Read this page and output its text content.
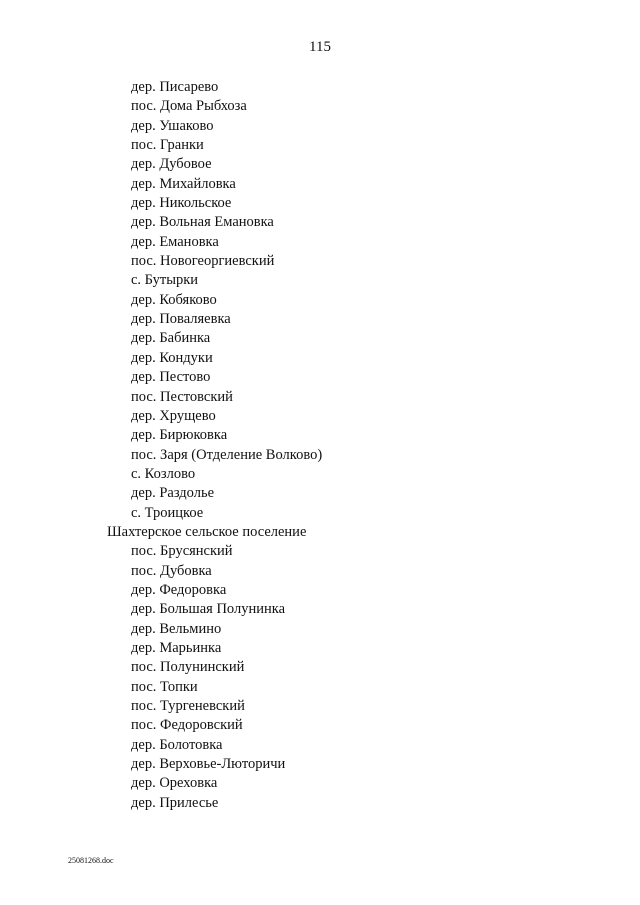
115
дер. Писарево
пос. Дома Рыбхоза
дер. Ушаково
пос. Гранки
дер. Дубовое
дер. Михайловка
дер. Никольское
дер. Вольная Емановка
дер. Емановка
пос. Новогеоргиевский
с. Бутырки
дер. Кобяково
дер. Поваляевка
дер. Бабинка
дер. Кондуки
дер. Пестово
пос. Пестовский
дер. Хрущево
дер. Бирюковка
пос. Заря (Отделение Волково)
с. Козлово
дер. Раздолье
с. Троицкое
Шахтерское сельское поселение
пос. Брусянский
пос. Дубовка
дер. Федоровка
дер. Большая Полунинка
дер. Вельмино
дер. Марьинка
пос. Полунинский
пос. Топки
пос. Тургеневский
пос. Федоровский
дер. Болотовка
дер. Верховье-Люторичи
дер. Ореховка
дер. Прилесье
25081268.doc
